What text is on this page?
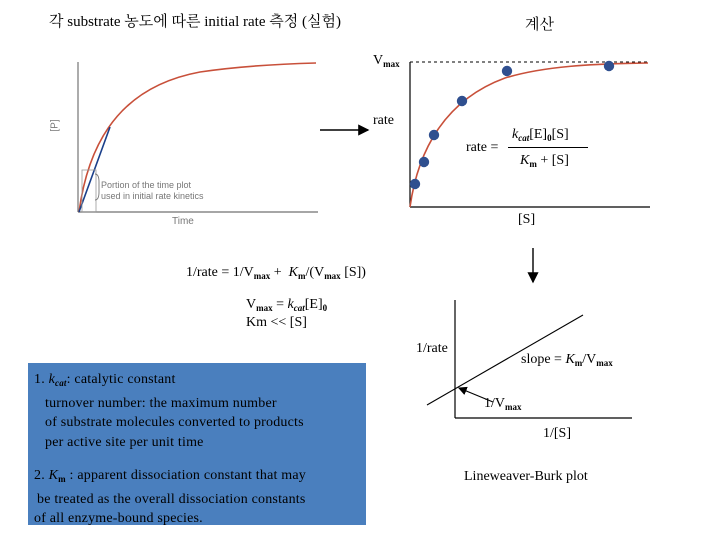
각 substrate 농도에 따른 initial rate 측정 (실험)	계산
[P]
Time
Portion of the time plot
used in initial rate kinetics
$V_{max}$
rate
[S]
rate =
$k_{cat}[E]_0[S]$
$K_m + [S]$
1/rate = $1/V_{max} + K_m/(V_{max}$ [S])
$V_{max} = k_{cat}[E]_0$
Km << [S]
1/rate
slope = $K_m/V_{max}$
$1/V_{max}$
1/[S]
Lineweaver-Burk plot
1. $k_{cat}$: catalytic constant
turnover number: the maximum number
of substrate molecules converted to products
per active site per unit time
2. $K_m$ : apparent dissociation constant that may
be treated as the overall dissociation constants
of all enzyme-bound species.
